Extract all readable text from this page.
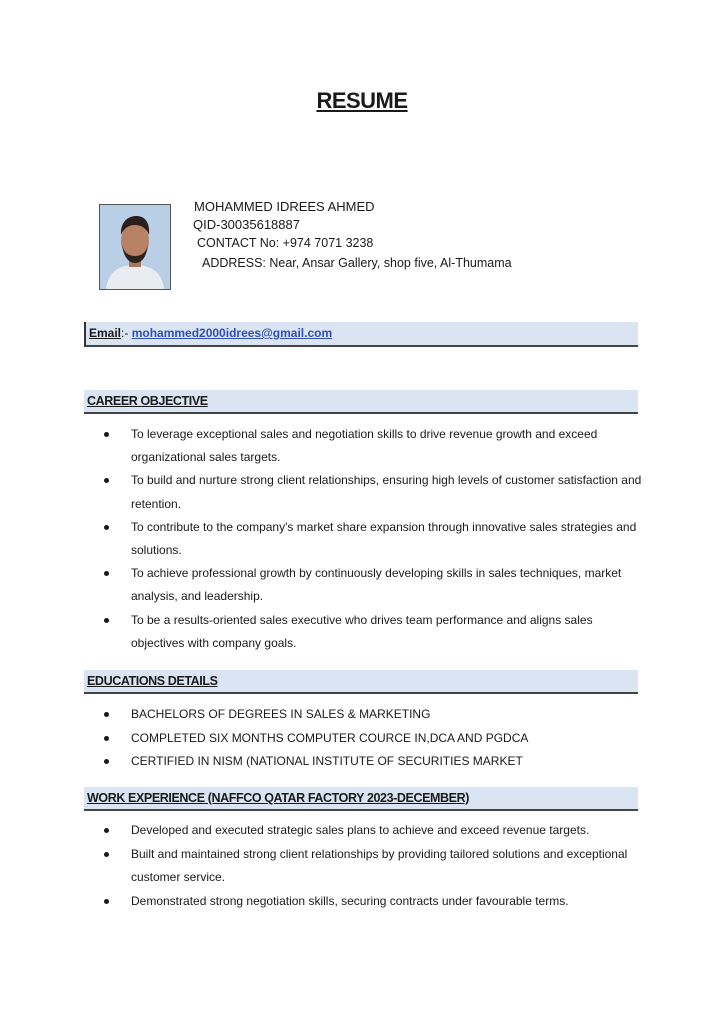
RESUME
MOHAMMED IDREES AHMED
QID-30035618887
CONTACT No: +974 7071 3238
ADDRESS: Near, Ansar Gallery, shop five, Al-Thumama
Email:- mohammed2000idrees@gmail.com
CAREER OBJECTIVE
To leverage exceptional sales and negotiation skills to drive revenue growth and exceed organizational sales targets.
To build and nurture strong client relationships, ensuring high levels of customer satisfaction and retention.
To contribute to the company's market share expansion through innovative sales strategies and solutions.
To achieve professional growth by continuously developing skills in sales techniques, market analysis, and leadership.
To be a results-oriented sales executive who drives team performance and aligns sales objectives with company goals.
EDUCATIONS DETAILS
BACHELORS OF DEGREES IN SALES & MARKETING
COMPLETED SIX MONTHS COMPUTER COURCE IN,DCA AND PGDCA
CERTIFIED IN NISM (NATIONAL INSTITUTE OF SECURITIES MARKET
WORK EXPERIENCE (NAFFCO QATAR FACTORY 2023-DECEMBER)
Developed and executed strategic sales plans to achieve and exceed revenue targets.
Built and maintained strong client relationships by providing tailored solutions and exceptional customer service.
Demonstrated strong negotiation skills, securing contracts under favourable terms.
